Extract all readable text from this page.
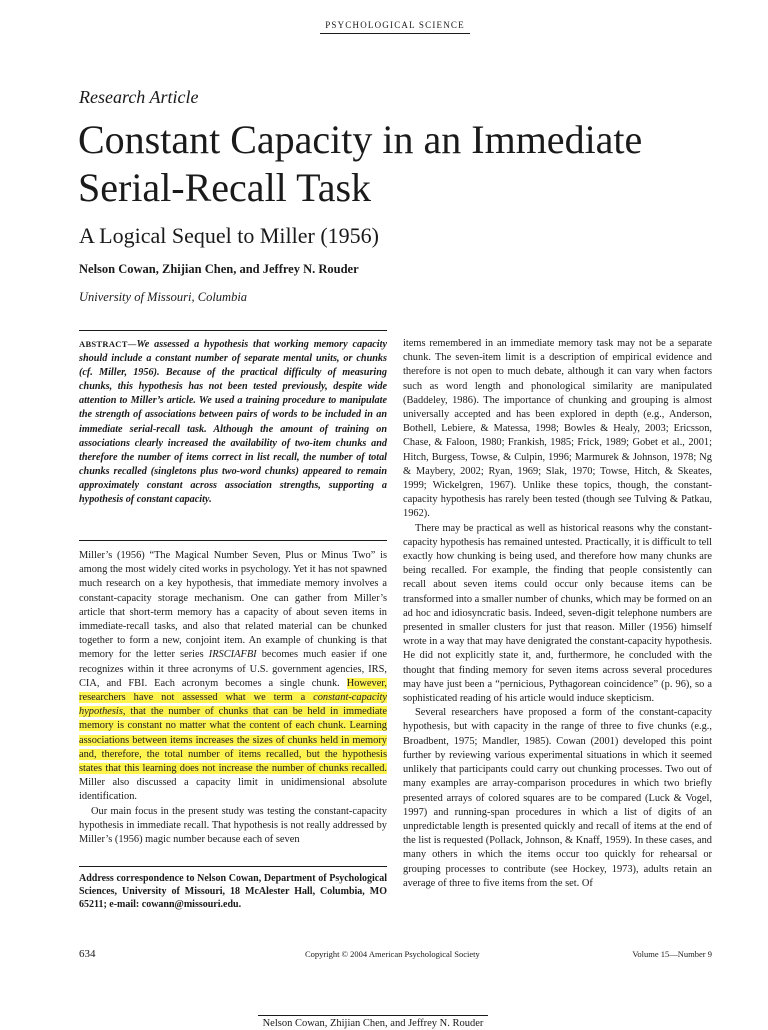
PSYCHOLOGICAL SCIENCE
Research Article
Constant Capacity in an Immediate Serial-Recall Task
A Logical Sequel to Miller (1956)
Nelson Cowan, Zhijian Chen, and Jeffrey N. Rouder
University of Missouri, Columbia
ABSTRACT—We assessed a hypothesis that working memory capacity should include a constant number of separate mental units, or chunks (cf. Miller, 1956). Because of the practical difficulty of measuring chunks, this hypothesis has not been tested previously, despite wide attention to Miller’s article. We used a training procedure to manipulate the strength of associations between pairs of words to be included in an immediate serial-recall task. Although the amount of training on associations clearly increased the availability of two-item chunks and therefore the number of items correct in list recall, the number of total chunks recalled (singletons plus two-word chunks) appeared to remain approximately constant across association strengths, supporting a hypothesis of constant capacity.

Miller’s (1956) “The Magical Number Seven, Plus or Minus Two” is among the most widely cited works in psychology. Yet it has not spawned much research on a key hypothesis, that immediate memory involves a constant-capacity storage mechanism. One can gather from Miller’s article that short-term memory has a capacity of about seven items in immediate-recall tasks, and also that related material can be chunked together to form a new, conjoint item. An example of chunking is that memory for the letter series IRSCIAFBI becomes much easier if one recognizes within it three acronyms of U.S. government agencies, IRS, CIA, and FBI. Each acronym becomes a single chunk. However, researchers have not assessed what we term a constant-capacity hypothesis, that the number of chunks that can be held in immediate memory is constant no matter what the content of each chunk. Learning associations between items increases the sizes of chunks held in memory and, therefore, the total number of items recalled, but the hypothesis states that this learning does not increase the number of chunks recalled. Miller also discussed a capacity limit in unidimensional absolute identification.

Our main focus in the present study was testing the constant-capacity hypothesis in immediate recall. That hypothesis is not really addressed by Miller’s (1956) magic number because each of seven

Address correspondence to Nelson Cowan, Department of Psychological Sciences, University of Missouri, 18 McAlester Hall, Columbia, MO 65211; e-mail: cowann@missouri.edu.

items remembered in an immediate memory task may not be a separate chunk. The seven-item limit is a description of empirical evidence and therefore is not open to much debate, although it can vary when factors such as word length and phonological similarity are manipulated (Baddeley, 1986). The importance of chunking and grouping is almost universally accepted and has been explored in depth (e.g., Anderson, Bothell, Lebiere, & Matessa, 1998; Bowles & Healy, 2003; Ericsson, Chase, & Faloon, 1980; Frankish, 1985; Frick, 1989; Gobet et al., 2001; Hitch, Burgess, Towse, & Culpin, 1996; Marmurek & Johnson, 1978; Ng & Maybery, 2002; Ryan, 1969; Slak, 1970; Towse, Hitch, & Skeates, 1999; Wickelgren, 1967). Unlike these topics, though, the constant-capacity hypothesis has rarely been tested (though see Tulving & Patkau, 1962).

There may be practical as well as historical reasons why the constant-capacity hypothesis has remained untested. Practically, it is difficult to tell exactly how chunking is being used, and therefore how many chunks are being recalled. For example, the finding that people consistently can recall about seven items could occur only because items can be transformed into a smaller number of chunks, which may be formed on an ad hoc and idiosyncratic basis. Indeed, seven-digit telephone numbers are presented in smaller clusters for just that reason. Miller (1956) himself wrote in a way that may have denigrated the constant-capacity hypothesis. He did not explicitly state it, and, furthermore, he concluded with the thought that finding memory for seven items across several procedures may have just been a “pernicious, Pythagorean coincidence” (p. 96), so a sophisticated reading of his article would induce skepticism.

Several researchers have proposed a form of the constant-capacity hypothesis, but with capacity in the range of three to five chunks (e.g., Broadbent, 1975; Mandler, 1985). Cowan (2001) developed this point further by reviewing various experimental situations in which it seemed unlikely that participants could carry out chunking processes. Two out of many examples are array-comparison procedures in which two briefly presented arrays of colored squares are to be compared (Luck & Vogel, 1997) and running-span procedures in which a list of digits of an unpredictable length is presented quickly and recall of items at the end of the list is requested (Pollack, Johnson, & Knaff, 1959). In these cases, and many others in which the items occur too quickly for rehearsal or grouping processes to contribute (see Hockey, 1973), adults retain an average of three to five items from the set. Of

634	Copyright © 2004 American Psychological Society	Volume 15—Number 9
Nelson Cowan, Zhijian Chen, and Jeffrey N. Rouder
